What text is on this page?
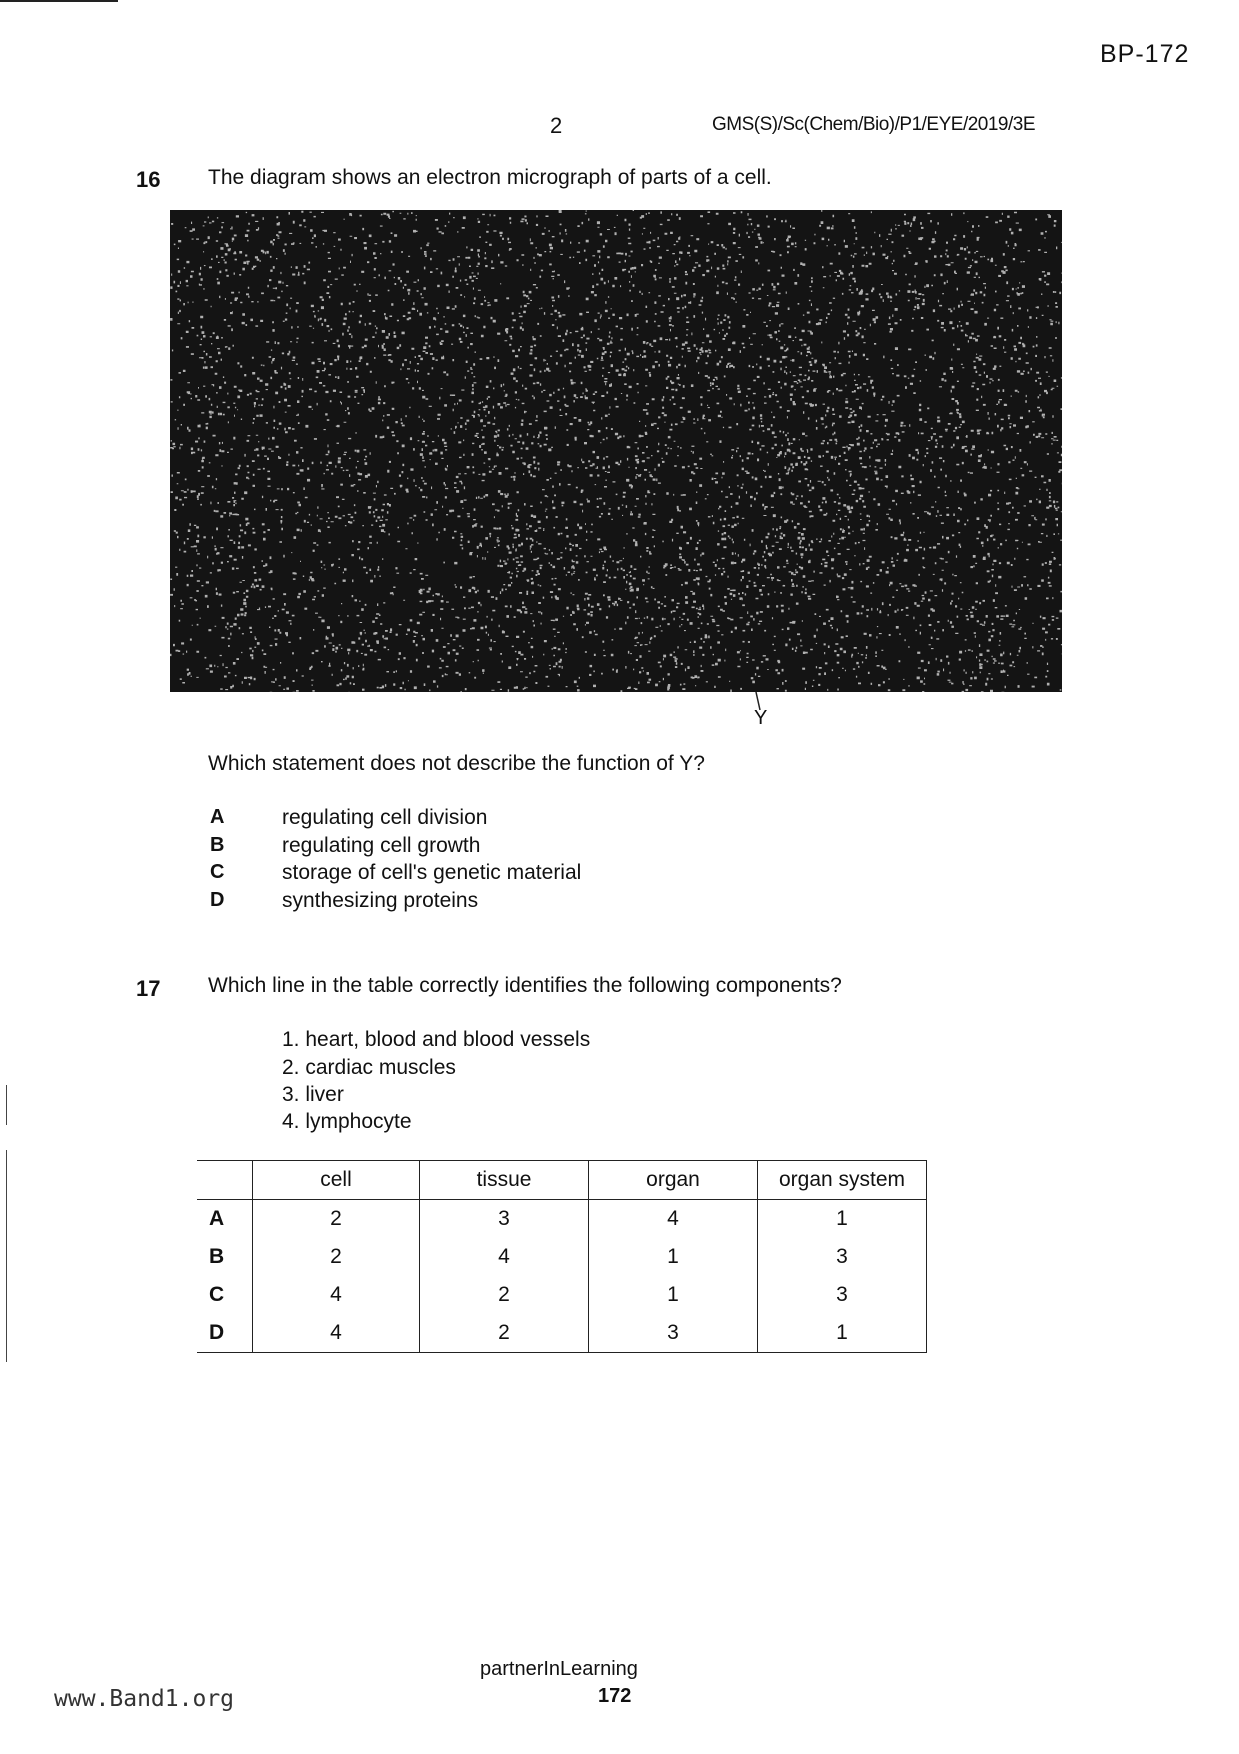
BP-172
2	GMS(S)/Sc(Chem/Bio)/P1/EYE/2019/3E
16 The diagram shows an electron micrograph of parts of a cell.
Y
Which statement does not describe the function of Y?
A	regulating cell division
B	regulating cell growth
C	storage of cell's genetic material
D	synthesizing proteins
17 Which line in the table correctly identifies the following components?
1. heart, blood and blood vessels
2. cardiac muscles
3. liver
4. lymphocyte
	cell	tissue	organ	organ system
A	2	3	4	1
B	2	4	1	3
C	4	2	1	3
D	4	2	3	1
www.Band1.org
partnerInLearning
172
